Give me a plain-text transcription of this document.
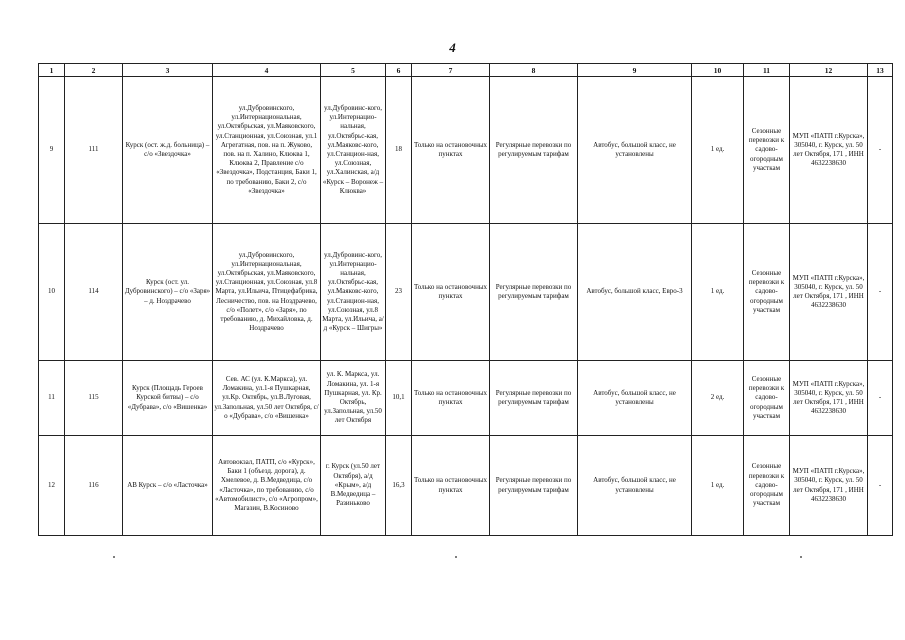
4
1	2	3	4	5	6	7	8	9	10	11	12	13
9	111	Курск (ост. ж.д. больница) – с/о «Звездочка»	ул.Дубровинского, ул.Интернациональная, ул.Октябрьская, ул.Маяковского, ул.Станционная, ул.Союзная, ул.1 Агрегатная, пов. на п. Жуково, пов. на п. Халино, Клюква 1, Клюква 2, Правление с/о «Звездочка», Подстанция, Баки 1, по требованию, Баки 2, с/о «Звездочка»	ул.Дубровинс-кого, ул.Интернацио-нальная, ул.Октябрьс-кая, ул.Маяковс-кого, ул.Станцион-ная, ул.Союзная, ул.Халинская, а/д «Курск – Воронеж – Клюква»	18	Только на остановочных пунктах	Регулярные перевозки по регулируемым тарифам	Автобус, большой класс, не установлены	1 ед.	Сезонные перевозки к садово-огородным участкам	МУП «ПАТП г.Курска», 305040, г. Курск, ул. 50 лет Октября, 171 , ИНН 4632238630	-
10	114	Курск (ост. ул. Дубровинского) – с/о «Заря» – д. Ноздрачево	ул.Дубровинского, ул.Интернациональная, ул.Октябрьская, ул.Маяковского, ул.Станционная, ул.Союзная, ул.8 Марта, ул.Ильича, Птицефабрика, Лесничество, пов. на Ноздрачево, с/о «Полет», с/о «Заря», по требованию, д. Михайловка, д. Ноздрачево	ул.Дубровинс-кого, ул.Интернацио-нальная, ул.Октябрьс-кая, ул.Маяковс-кого, ул.Станцион-ная, ул.Союзная, ул.8 Марта, ул.Ильича, а/д «Курск – Шигры»	23	Только на остановочных пунктах	Регулярные перевозки по регулируемым тарифам	Автобус, большой класс, Евро-3	1 ед.	Сезонные перевозки к садово-огородным участкам	МУП «ПАТП г.Курска», 305040, г. Курск, ул. 50 лет Октября, 171 , ИНН 4632238630	-
11	115	Курск (Площадь Героев Курской битвы) – с/о «Дубрава», с/о «Вишенка»	Сев. АС (ул. К.Маркса), ул. Ломакина, ул.1-я Пушкарная, ул.Кр. Октябрь, ул.В.Луговая, ул.Запольная, ул.50 лет Октября, с/о «Дубрава», с/о «Вишенка»	ул. К. Маркса, ул. Ломакина, ул. 1-я Пушкарная, ул. Кр. Октябрь, ул.Запольная, ул.50 лет Октября	10,1	Только на остановочных пунктах	Регулярные перевозки по регулируемым тарифам	Автобус, большой класс, не установлены	2 ед.	Сезонные перевозки к садово-огородным участкам	МУП «ПАТП г.Курска», 305040, г. Курск, ул. 50 лет Октября, 171 , ИНН 4632238630	-
12	116	АВ Курск – с/о «Ласточка»	Автовокзал, ПАТП, с/о «Курск», Баки 1 (объезд. дорога), д. Хмелевое, д. В.Медведица, с/о «Ласточка», по требованию, с/о «Автомобилист», с/о «Агропром», Магазин, В.Косиново	г. Курск (ул.50 лет Октября), а/д «Крым», а/д В.Медведица – Разиньково	16,3	Только на остановочных пунктах	Регулярные перевозки по регулируемым тарифам	Автобус, большой класс, не установлены	1 ед.	Сезонные перевозки к садово-огородным участкам	МУП «ПАТП г.Курска», 305040, г. Курск, ул. 50 лет Октября, 171 , ИНН 4632238630	-
